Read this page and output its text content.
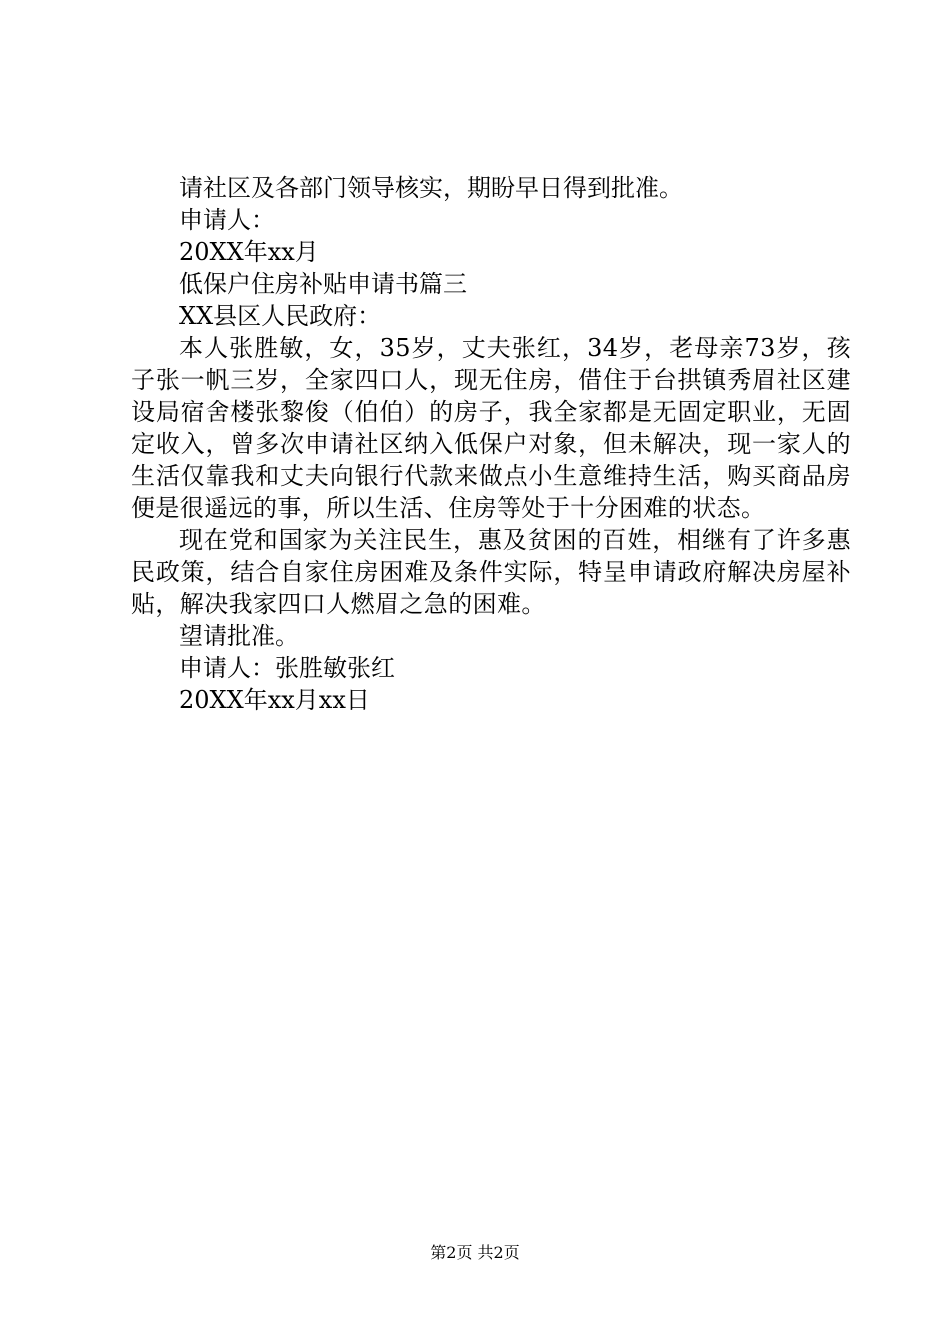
请社区及各部门领导核实，期盼早日得到批准。
申请人：
20XX年xx月
低保户住房补贴申请书篇三
XX县区人民政府：

本人张胜敏，女，35岁，丈夫张红，34岁，老母亲73岁，孩子张一帆三岁，全家四口人，现无住房，借住于台拱镇秀眉社区建设局宿舍楼张黎俊（伯伯）的房子，我全家都是无固定职业，无固定收入，曾多次申请社区纳入低保户对象，但未解决，现一家人的生活仅靠我和丈夫向银行代款来做点小生意维持生活，购买商品房便是很遥远的事，所以生活、住房等处于十分困难的状态。

现在党和国家为关注民生，惠及贫困的百姓，相继有了许多惠民政策，结合自家住房困难及条件实际，特呈申请政府解决房屋补贴，解决我家四口人燃眉之急的困难。

望请批准。
申请人：张胜敏张红
20XX年xx月xx日
第2页 共2页
